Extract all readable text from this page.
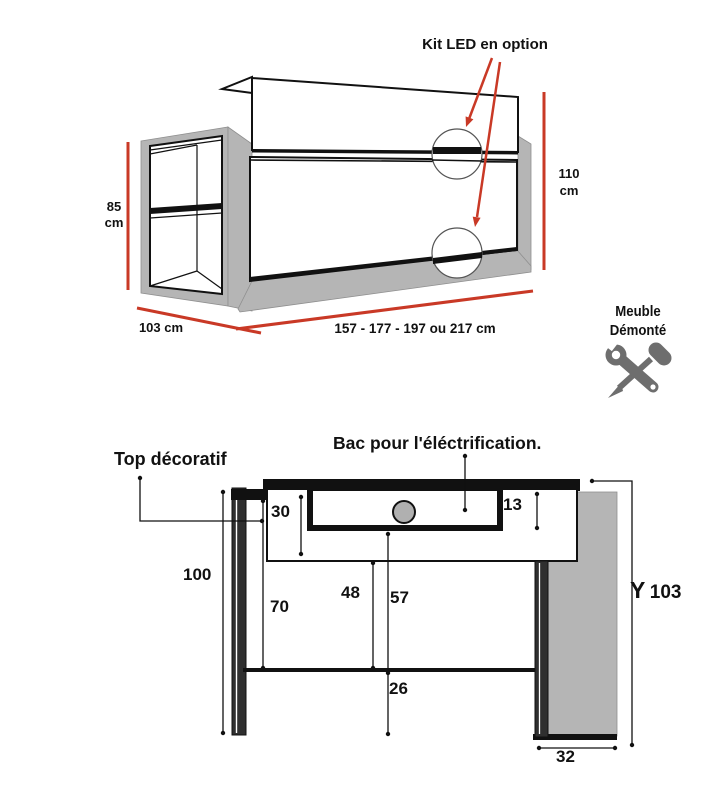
Kit LED en option
85
cm
110
cm
103 cm	157 - 177 - 197 ou 217 cm
Meuble
Démonté
Top décoratif
Bac pour l'éléctrification.
30	13
100
70
48 57
26
32
Y 103
